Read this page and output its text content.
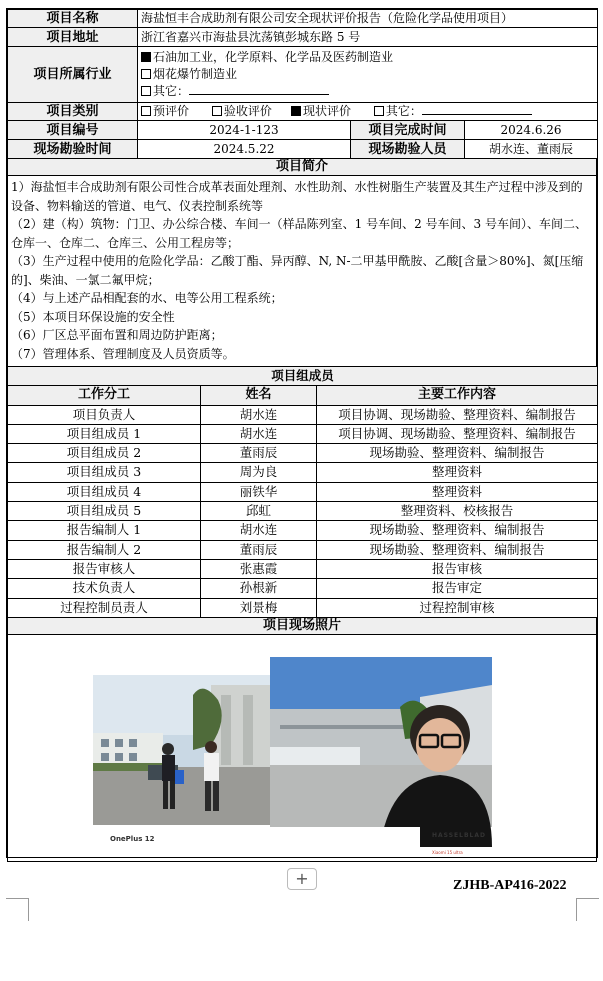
项目名称	海盐恒丰合成助剂有限公司安全现状评价报告（危险化学品使用项目）		
项目地址	浙江省嘉兴市海盐县沈荡镇彭城东路 5 号		
项目所属行业	石油加工业，化学原料、化学品及医药制造业
烟花爆竹制造业
其它：		

项目类别	预评价 验收评价 现状评价 其它：		
项目编号	2024-1-123	项目完成时间	2024.6.26
现场勘验时间	2024.5.22	现场勘验人员	胡水连、董雨辰
项目简介

1）海盐恒丰合成助剂有限公司性合成革表面处理剂、水性助剂、水性树脂生产装置及其生产过程中涉及到的设备、物料输送的管道、电气、仪表控制系统等

（2）建（构）筑物：门卫、办公综合楼、车间一（样品陈列室、1 号车间、2 号车间、3 号车间）、车间二、仓库一、仓库二、仓库三、公用工程房等；

（3）生产过程中使用的危险化学品：乙酸丁酯、异丙醇、N, N-二甲基甲酰胺、乙酸[含量＞80%]、氮[压缩的]、柴油、一氯二氟甲烷；

（4）与上述产品相配套的水、电等公用工程系统；

（5）本项目环保设施的安全性

（6）厂区总平面布置和周边防护距离；

（7）管理体系、管理制度及人员资质等。

项目组成员		
工作分工	姓名	主要工作内容
项目负责人	胡水连	项目协调、现场勘验、整理资料、编制报告
项目组成员 1	胡水连	项目协调、现场勘验、整理资料、编制报告
项目组成员 2	董雨辰	现场勘验、整理资料、编制报告
项目组成员 3	周为良	整理资料
项目组成员 4	丽铁华	整理资料
项目组成员 5	邱虹	整理资料、校核报告
报告编制人 1	胡水连	现场勘验、整理资料、编制报告
报告编制人 2	董雨辰	现场勘验、整理资料、编制报告
报告审核人	张惠霞	报告审核
技术负责人	孙根新	报告审定
过程控制员责人	刘景梅	过程控制审核
项目现场照片

OnePlus 12	HASSELBLAD
Xiaomi 15 ultra
+	ZJHB-AP416-2022
